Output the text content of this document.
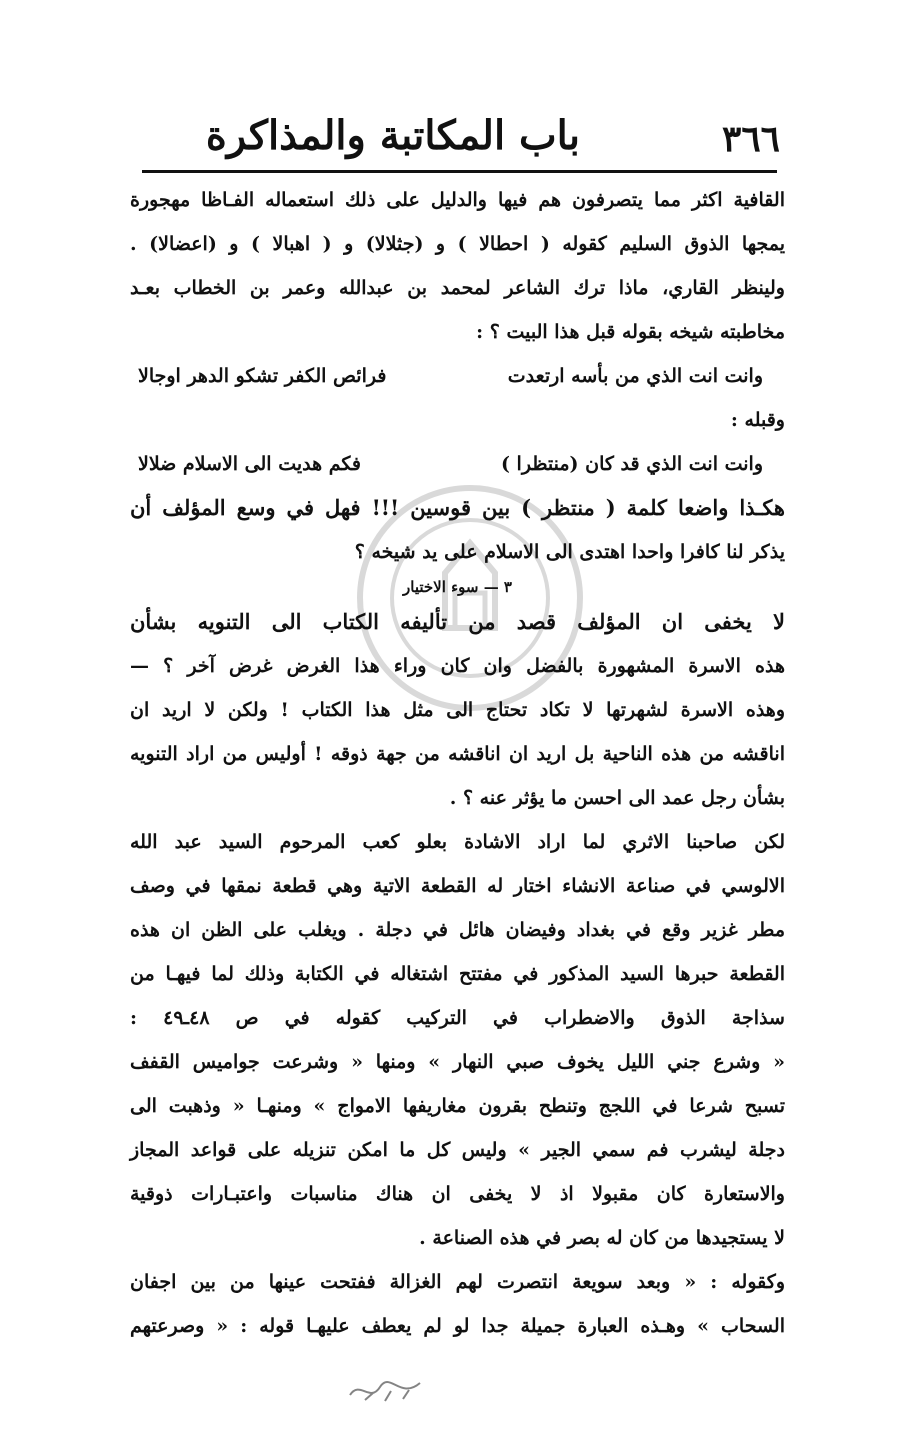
٣٦٦
باب المكاتبة والمذاكرة
القافية اكثر مما يتصرفون هم فيها والدليل على ذلك استعماله الفـاظا مهجورة
يمجها الذوق السليم كقوله ( احطالا ) و (جثلالا) و ( اهبالا ) و (اعضالا) .
ولينظر القاري، ماذا ترك الشاعر لمحمد بن عبدالله وعمر بن الخطاب بعـد
مخاطبته شيخه بقوله قبل هذا البيت ؟ :
وانت انت الذي من بأسه ارتعدت
فرائص الكفر تشكو الدهر اوجالا
وقبله :
وانت انت الذي قد كان (منتظرا )
فكم هديت الى الاسلام ضلالا
هكـذا واضعا كلمة ( منتظر ) بين قوسين !!! فهل في وسع المؤلف أن
يذكر لنا كافرا واحدا اهتدى الى الاسلام على يد شيخه ؟
٣ — سوء الاختيار
لا يخفى ان المؤلف قصد من تأليفه الكتاب الى التنويه بشأن
هذه الاسرة المشهورة بالفضل وان كان وراء هذا الغرض غرض آخر ؟ —
وهذه الاسرة لشهرتها لا تكاد تحتاج الى مثل هذا الكتاب ! ولكن لا اريد ان
اناقشه من هذه الناحية بل اريد ان اناقشه من جهة ذوقه ! أوليس من اراد التنويه
بشأن رجل عمد الى احسن ما يؤثر عنه ؟ .
لكن صاحبنا الاثري لما اراد الاشادة بعلو كعب المرحوم السيد عبد الله
الالوسي في صناعة الانشاء اختار له القطعة الاتية وهي قطعة نمقها في وصف
مطر غزير وقع في بغداد وفيضان هائل في دجلة . ويغلب على الظن ان هذه
القطعة حبرها السيد المذكور في مفتتح اشتغاله في الكتابة وذلك لما فيهـا من
سذاجة الذوق والاضطراب في التركيب كقوله في ص ٤٨ـ٤٩ :
« وشرع جني الليل يخوف صبي النهار » ومنها « وشرعت جواميس القفف
تسبح شرعا في اللجج وتنطح بقرون مغاريفها الامواج » ومنهـا « وذهبت الى
دجلة ليشرب فم سمي الجير » وليس كل ما امكن تنزيله على قواعد المجاز
والاستعارة كان مقبولا اذ لا يخفى ان هناك مناسبات واعتبـارات ذوقية
لا يستجيدها من كان له بصر في هذه الصناعة .
وكقوله : « وبعد سويعة انتصرت لهم الغزالة ففتحت عينها من بين اجفان
السحاب » وهـذه العبارة جميلة جدا لو لم يعطف عليهـا قوله : « وصرعتهم
